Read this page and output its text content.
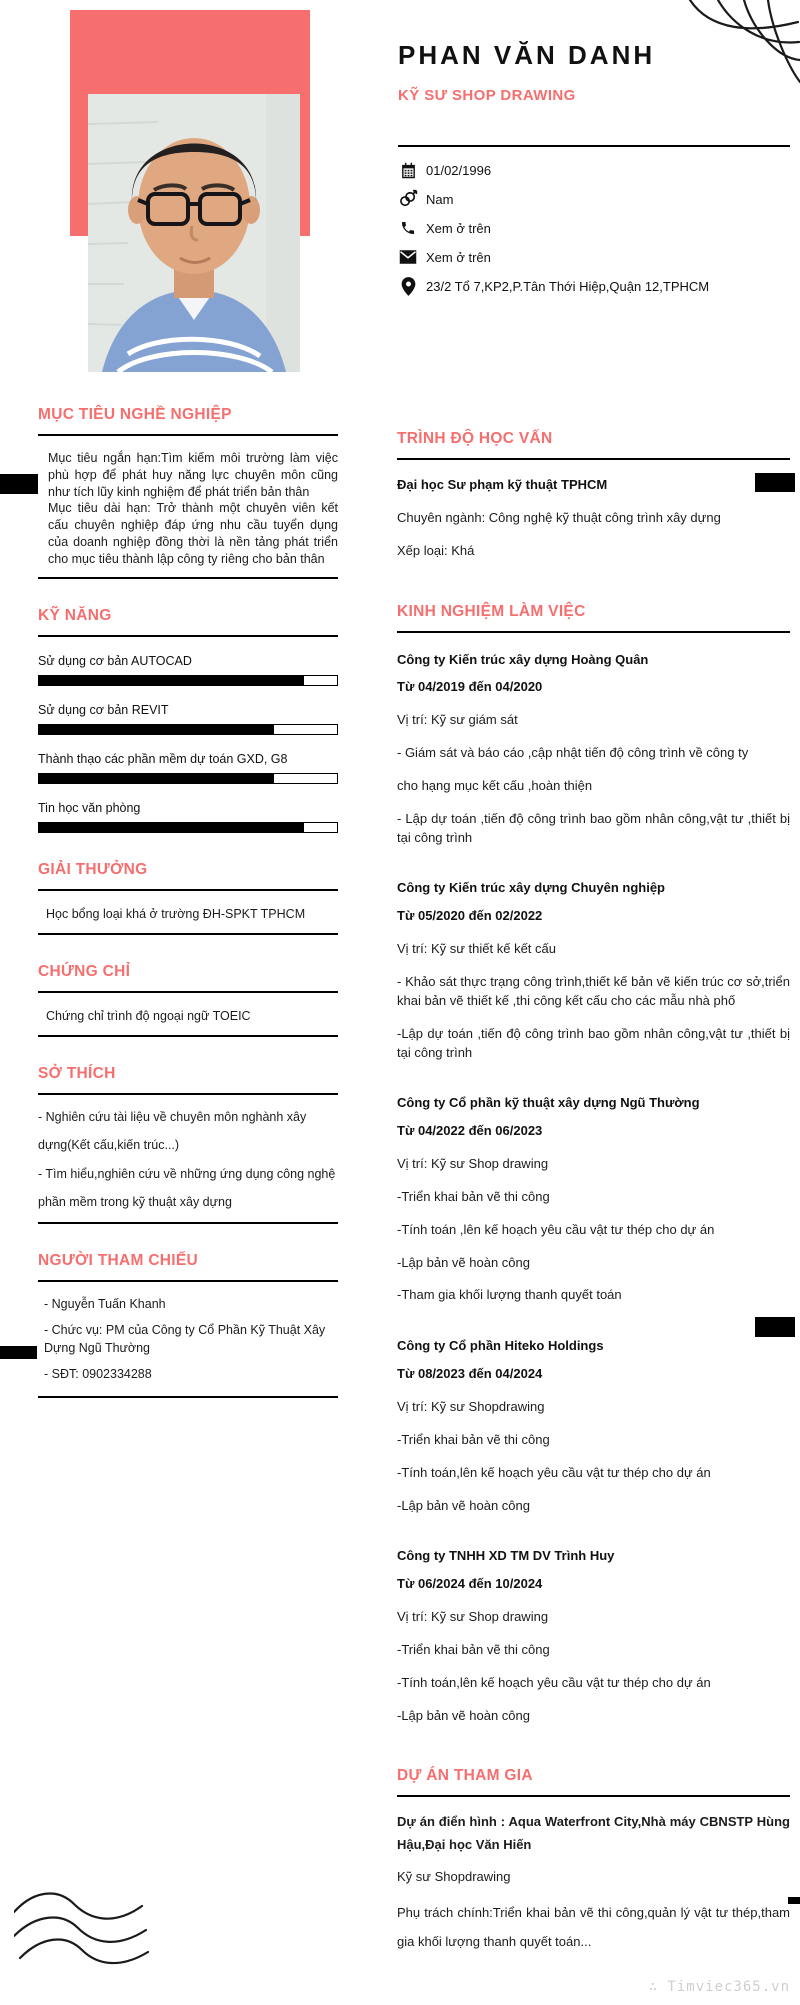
PHAN VĂN DANH
KỸ SƯ SHOP DRAWING
01/02/1996
Nam
Xem ở trên
Xem ở trên
23/2 Tổ 7,KP2,P.Tân Thới Hiệp,Quận 12,TPHCM
MỤC TIÊU NGHỀ NGHIỆP

Mục tiêu ngắn hạn:Tìm kiếm môi trường làm việc phù hợp để phát huy năng lực chuyên môn cũng như tích lũy kinh nghiệm để phát triển bản thân

Mục tiêu dài hạn: Trở thành một chuyên viên kết cấu chuyên nghiệp đáp ứng nhu cầu tuyển dụng của doanh nghiệp đồng thời là nền tảng phát triển cho mục tiêu thành lập công ty riêng cho bản thân

KỸ NĂNG
Sử dụng cơ bản AUTOCAD
Sử dụng cơ bản REVIT
Thành thạo các phần mềm dự toán GXD, G8
Tin học văn phòng
GIẢI THƯỞNG
Học bổng loại khá ở trường ĐH-SPKT TPHCM
CHỨNG CHỈ
Chứng chỉ trình độ ngoại ngữ TOEIC
SỞ THÍCH

- Nghiên cứu tài liệu về chuyên môn nghành xây dựng(Kết cấu,kiến trúc...)

- Tìm hiểu,nghiên cứu về những ứng dụng công nghệ phần mềm trong kỹ thuật xây dựng

NGƯỜI THAM CHIẾU

- Nguyễn Tuấn Khanh

- Chức vụ: PM của Công ty Cổ Phần Kỹ Thuật Xây Dựng Ngũ Thường

- SĐT: 0902334288

TRÌNH ĐỘ HỌC VẤN

Đại học Sư phạm kỹ thuật TPHCM

Chuyên ngành: Công nghệ kỹ thuật công trình xây dựng

Xếp loại: Khá

KINH NGHIỆM LÀM VIỆC

Công ty Kiến trúc xây dựng Hoàng Quân

Từ 04/2019 đến 04/2020

Vị trí: Kỹ sư giám sát

- Giám sát và báo cáo ,cập nhật tiến độ công trình về công ty

cho hạng mục kết cấu ,hoàn thiện

- Lập dự toán ,tiến độ công trình bao gồm nhân công,vật tư ,thiết bị tại công trình

Công ty Kiến trúc xây dựng Chuyên nghiệp

Từ 05/2020 đến 02/2022

Vị trí: Kỹ sư thiết kế kết cấu

- Khảo sát thực trạng công trình,thiết kế bản vẽ kiến trúc cơ sở,triển khai bản vẽ thiết kế ,thi công kết cấu cho các mẫu nhà phố

-Lập dự toán ,tiến độ công trình bao gồm nhân công,vật tư ,thiết bị tại công trình

Công ty Cổ phần kỹ thuật xây dựng Ngũ Thường

Từ 04/2022 đến 06/2023

Vị trí: Kỹ sư Shop drawing

-Triển khai bản vẽ thi công

-Tính toán ,lên kế hoạch yêu cầu vật tư thép cho dự án

-Lập bản vẽ hoàn công

-Tham gia khối lượng thanh quyết toán

Công ty Cổ phần Hiteko Holdings

Từ 08/2023 đến 04/2024

Vị trí: Kỹ sư Shopdrawing

-Triển khai bản vẽ thi công

-Tính toán,lên kế hoạch yêu cầu vật tư thép cho dự án

-Lập bản vẽ hoàn công

Công ty TNHH XD TM DV Trình Huy

Từ 06/2024 đến 10/2024

Vị trí: Kỹ sư Shop drawing

-Triển khai bản vẽ thi công

-Tính toán,lên kế hoạch yêu cầu vật tư thép cho dự án

-Lập bản vẽ hoàn công

DỰ ÁN THAM GIA

Dự án điển hình : Aqua Waterfront City,Nhà máy CBNSTP Hùng Hậu,Đại học Văn Hiến

Kỹ sư Shopdrawing

Phụ trách chính:Triển khai bản vẽ thi công,quản lý vật tư thép,tham gia khối lượng thanh quyết toán...

∴ Timviec365.vn
